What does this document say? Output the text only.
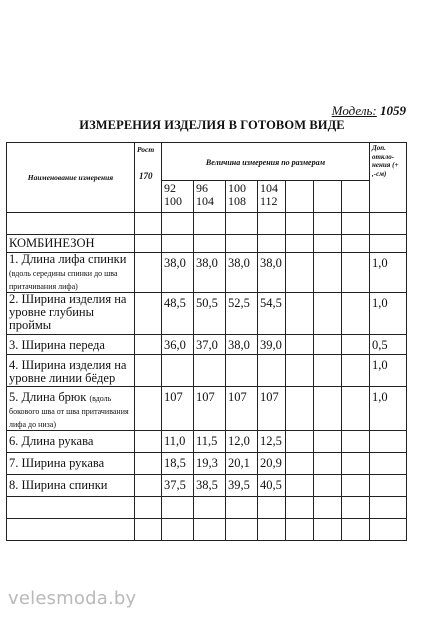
Модель: 1059
ИЗМЕРЕНИЯ ИЗДЕЛИЯ В ГОТОВОМ ВИДЕ
Наименование измерения	Рост
170	Величина измерения по размерам							Доп. откло- нения (+ ,-см)
		92 100	96 104	100 108	104 112				

КОМБИНЕЗОН									
1. Длина лифа спинки
(вдоль середины спинки до шва притачивания лифа)		38,0	38,0	38,0	38,0				1,0
2. Ширина изделия на уровне глубины проймы		48,5	50,5	52,5	54,5				1,0
3. Ширина переда		36,0	37,0	38,0	39,0				0,5
4. Ширина изделия на уровне линии бёдер									1,0
5. Длина брюк (вдоль
бокового шва от шва притачивания лифа до низа)		107	107	107	107				1,0
6. Длина рукава		11,0	11,5	12,0	12,5				
7. Ширина рукава		18,5	19,3	20,1	20,9				
8. Ширина спинки		37,5	38,5	39,5	40,5				

velesmoda.by
